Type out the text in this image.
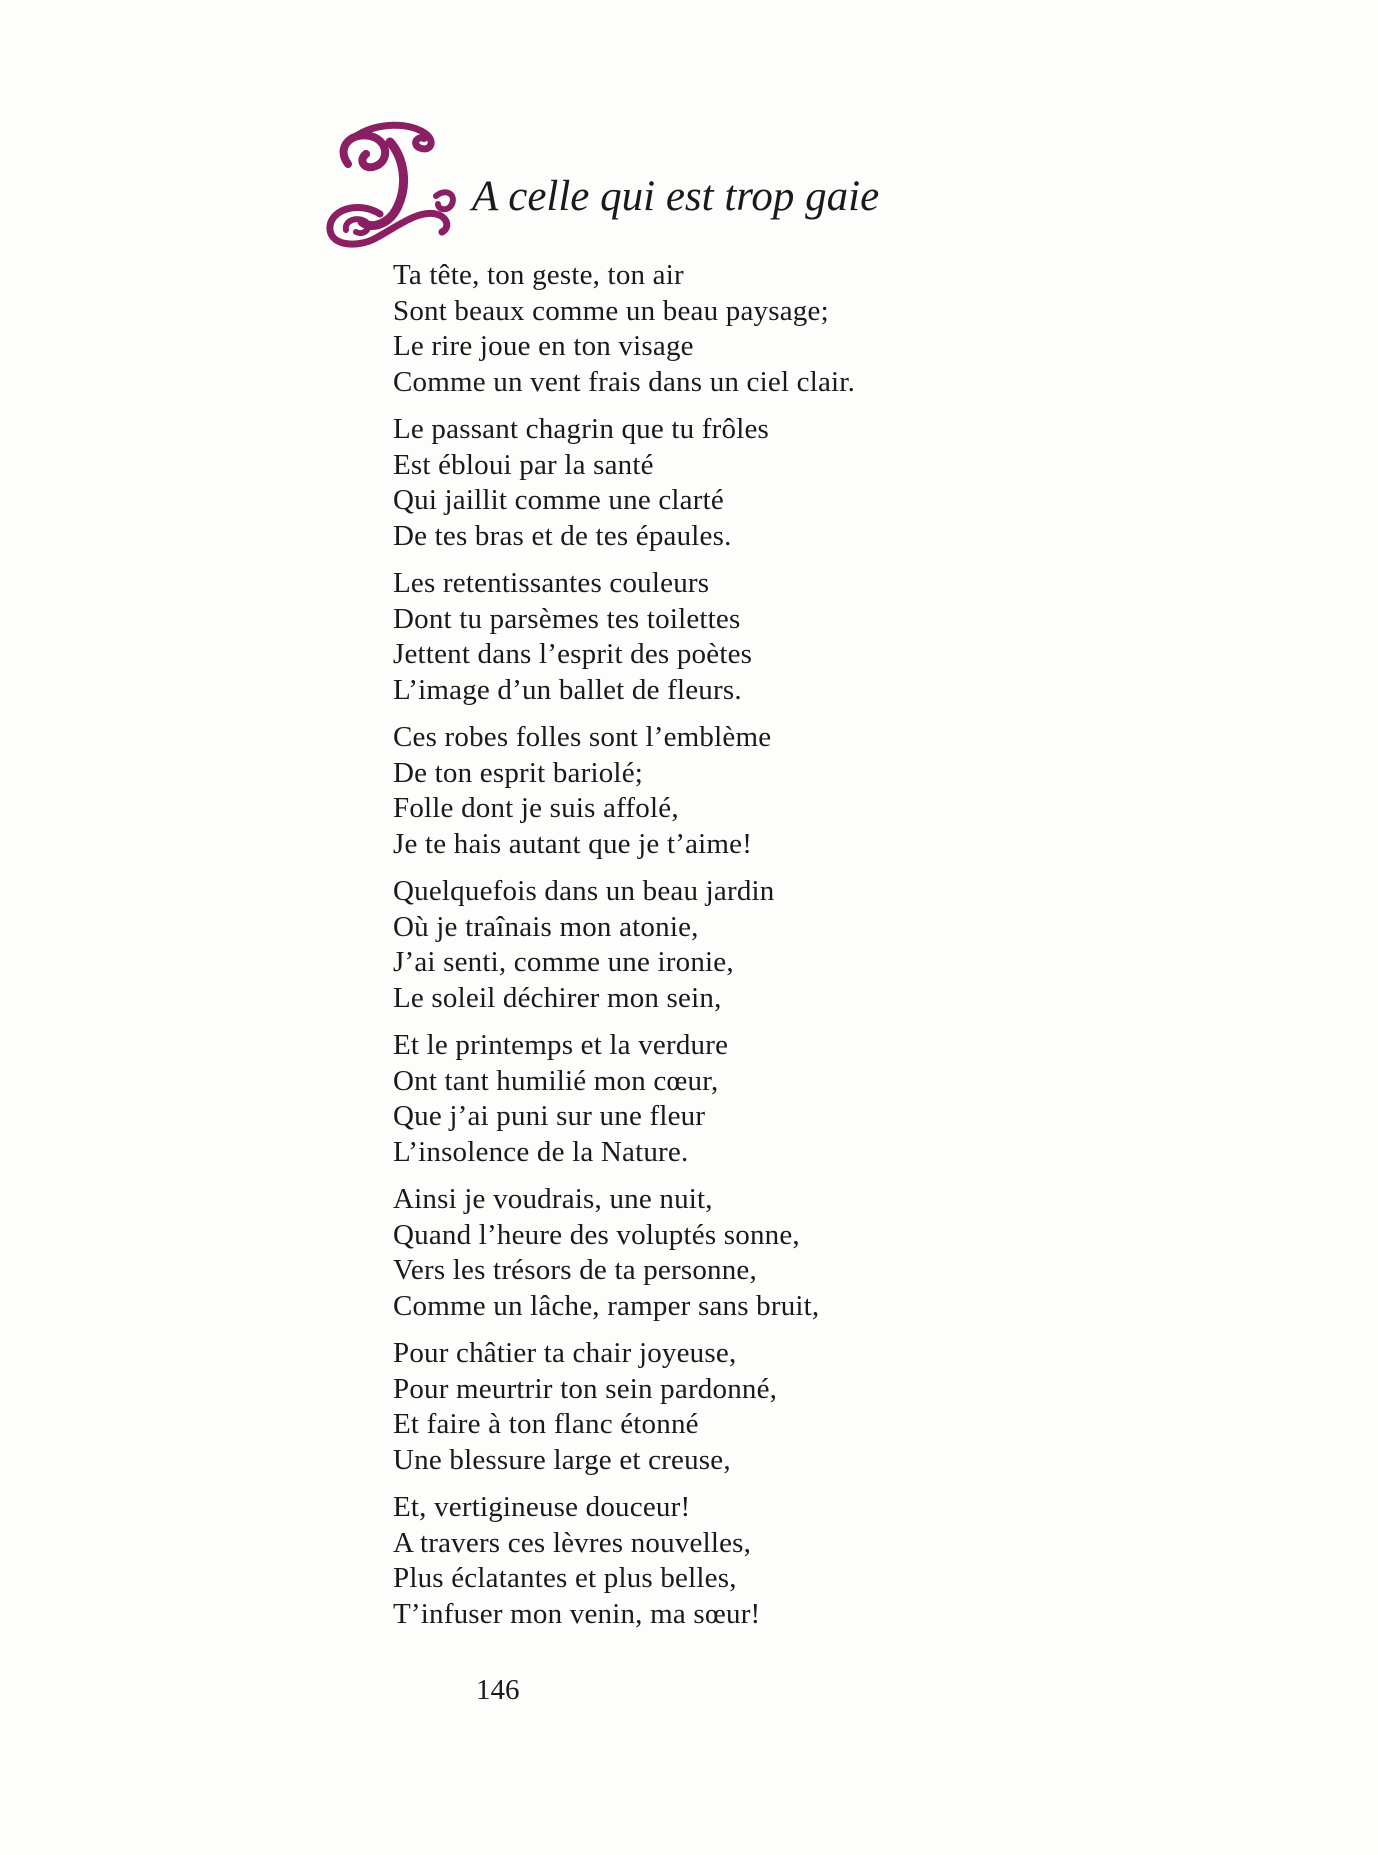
A celle qui est trop gaie
Ta tête, ton geste, ton air
Sont beaux comme un beau paysage;
Le rire joue en ton visage
Comme un vent frais dans un ciel clair.
Le passant chagrin que tu frôles
Est ébloui par la santé
Qui jaillit comme une clarté
De tes bras et de tes épaules.
Les retentissantes couleurs
Dont tu parsèmes tes toilettes
Jettent dans l’esprit des poètes
L’image d’un ballet de fleurs.
Ces robes folles sont l’emblème
De ton esprit bariolé;
Folle dont je suis affolé,
Je te hais autant que je t’aime!
Quelquefois dans un beau jardin
Où je traînais mon atonie,
J’ai senti, comme une ironie,
Le soleil déchirer mon sein,
Et le printemps et la verdure
Ont tant humilié mon cœur,
Que j’ai puni sur une fleur
L’insolence de la Nature.
Ainsi je voudrais, une nuit,
Quand l’heure des voluptés sonne,
Vers les trésors de ta personne,
Comme un lâche, ramper sans bruit,
Pour châtier ta chair joyeuse,
Pour meurtrir ton sein pardonné,
Et faire à ton flanc étonné
Une blessure large et creuse,
Et, vertigineuse douceur!
A travers ces lèvres nouvelles,
Plus éclatantes et plus belles,
T’infuser mon venin, ma sœur!
146
